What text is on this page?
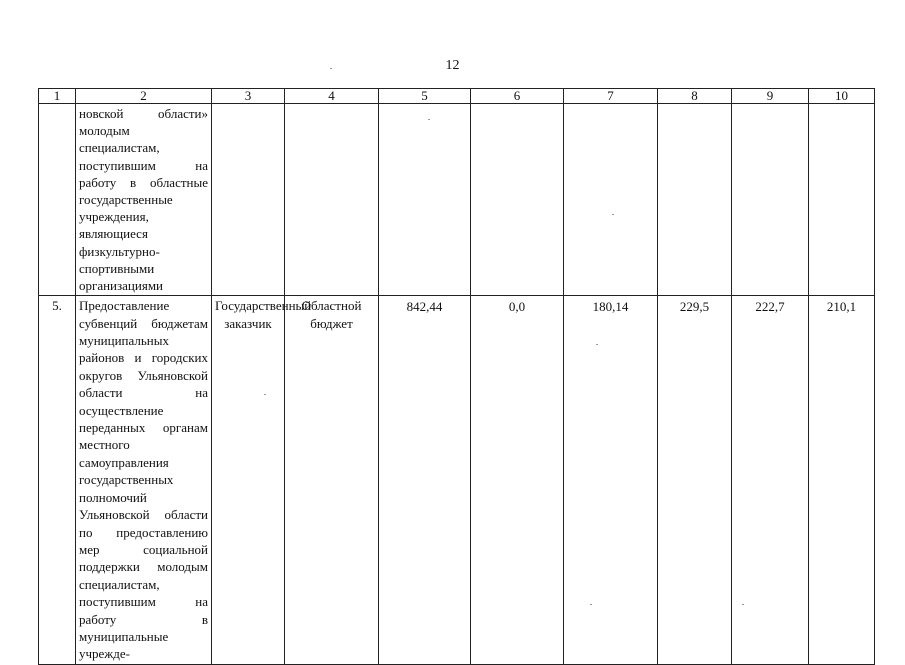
12
1	2	3	4	5	6	7	8	9	10

	новской области» молодым специалистам, поступившим на работу в областные государственные учреждения, являющиеся физкультурно-спортивными организациями								

5.	Предоставление субвенций бюджетам муниципальных районов и городских округов Ульяновской области на осуществление переданных органам местного самоуправления государственных полномочий Ульяновской области по предоставлению мер социальной поддержки молодым специалистам, поступившим на работу в муниципальные учрежде-	Государственный заказчик	Областной бюджет	842,44	0,0	180,14	229,5	222,7	210,1
